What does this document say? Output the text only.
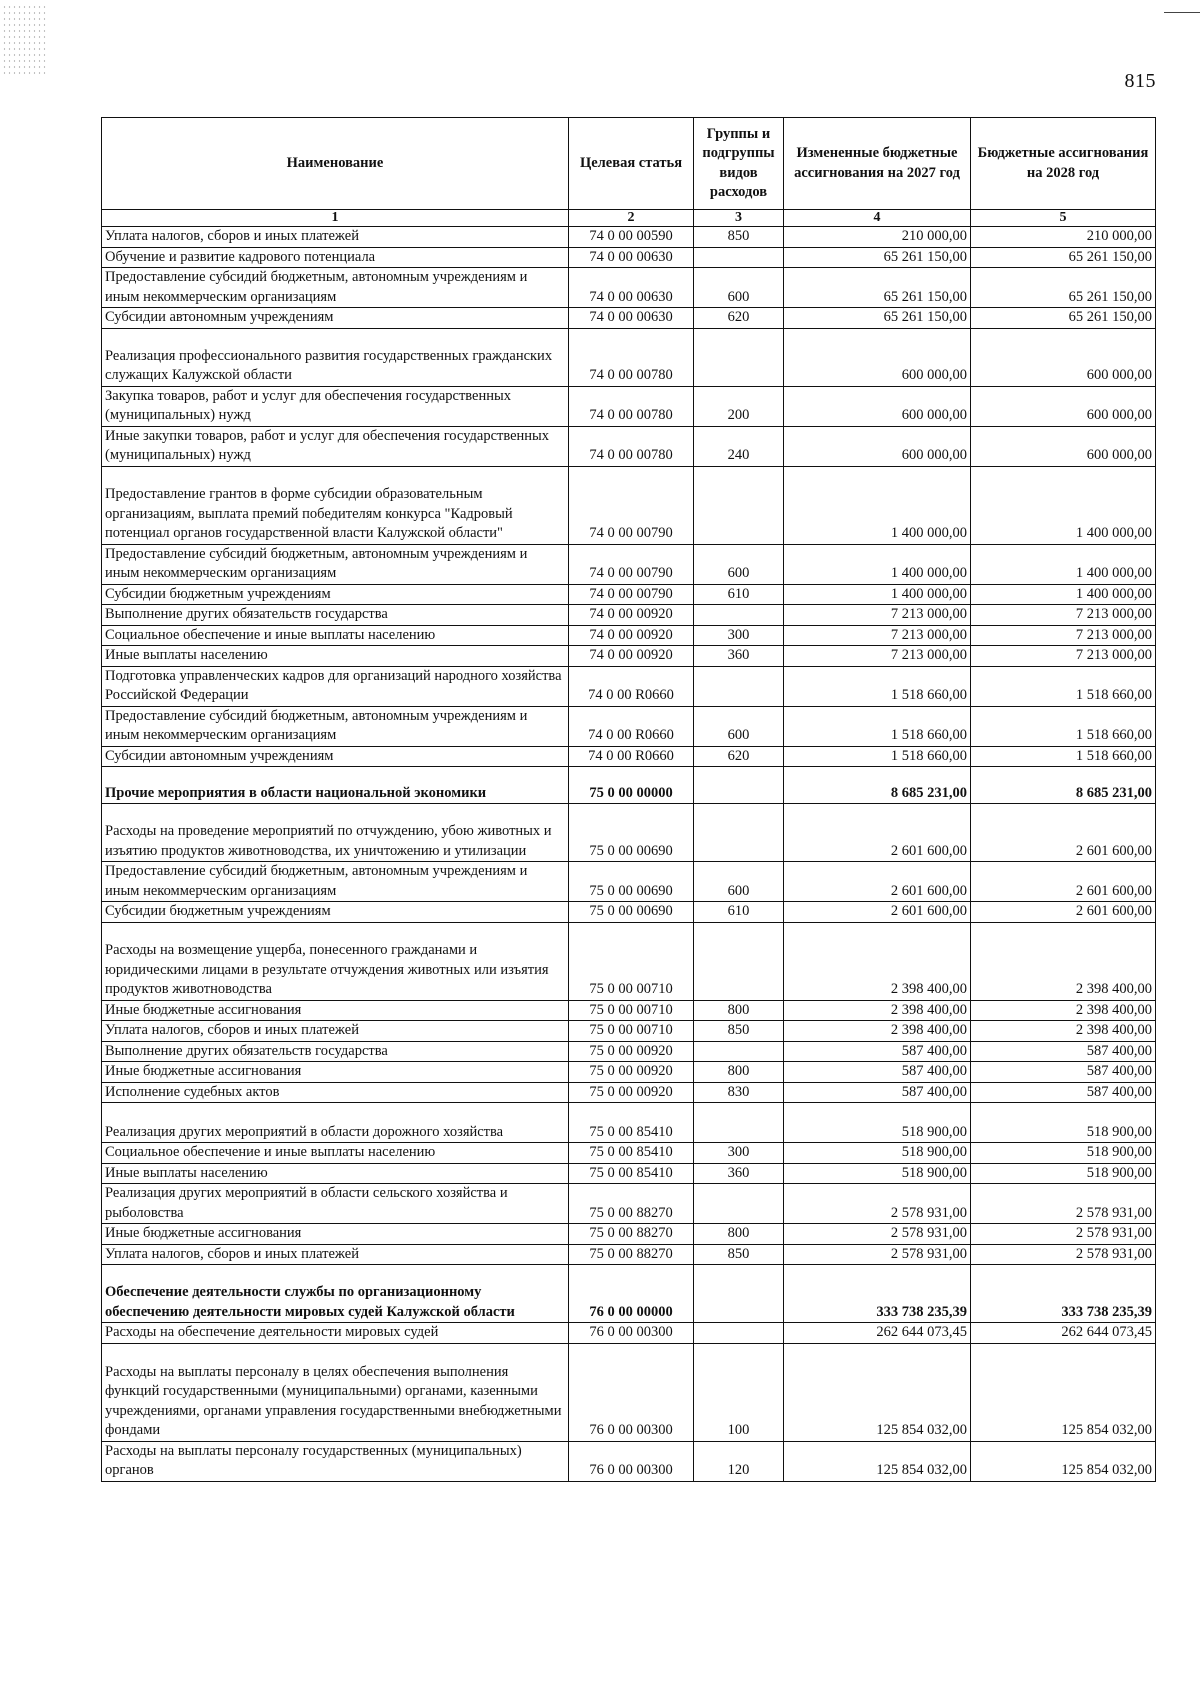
815
Наименование	Целевая статья	Группы и подгруппы видов расходов	Измененные бюджетные ассигнования на 2027 год	Бюджетные ассигнования на 2028 год
1	2	3	4	5
Уплата налогов, сборов и иных платежей	74 0 00 00590	850	210 000,00	210 000,00
Обучение и развитие кадрового потенциала	74 0 00 00630		65 261 150,00	65 261 150,00
Предоставление субсидий бюджетным, автономным учреждениям и иным некоммерческим организациям	74 0 00 00630	600	65 261 150,00	65 261 150,00
Субсидии автономным учреждениям	74 0 00 00630	620	65 261 150,00	65 261 150,00
Реализация профессионального развития государственных гражданских служащих Калужской области	74 0 00 00780		600 000,00	600 000,00
Закупка товаров, работ и услуг для обеспечения государственных (муниципальных) нужд	74 0 00 00780	200	600 000,00	600 000,00
Иные закупки товаров, работ и услуг для обеспечения государственных (муниципальных) нужд	74 0 00 00780	240	600 000,00	600 000,00
Предоставление грантов в форме субсидии образовательным организациям, выплата премий победителям конкурса "Кадровый потенциал органов государственной власти Калужской области"	74 0 00 00790		1 400 000,00	1 400 000,00
Предоставление субсидий бюджетным, автономным учреждениям и иным некоммерческим организациям	74 0 00 00790	600	1 400 000,00	1 400 000,00
Субсидии бюджетным учреждениям	74 0 00 00790	610	1 400 000,00	1 400 000,00
Выполнение других обязательств государства	74 0 00 00920		7 213 000,00	7 213 000,00
Социальное обеспечение и иные выплаты населению	74 0 00 00920	300	7 213 000,00	7 213 000,00
Иные выплаты населению	74 0 00 00920	360	7 213 000,00	7 213 000,00
Подготовка управленческих кадров для организаций народного хозяйства Российской Федерации	74 0 00 R0660		1 518 660,00	1 518 660,00
Предоставление субсидий бюджетным, автономным учреждениям и иным некоммерческим организациям	74 0 00 R0660	600	1 518 660,00	1 518 660,00
Субсидии автономным учреждениям	74 0 00 R0660	620	1 518 660,00	1 518 660,00
Прочие мероприятия в области национальной экономики	75 0 00 00000		8 685 231,00	8 685 231,00
Расходы на проведение мероприятий по отчуждению, убою животных и изъятию продуктов животноводства, их уничтожению и утилизации	75 0 00 00690		2 601 600,00	2 601 600,00
Предоставление субсидий бюджетным, автономным учреждениям и иным некоммерческим организациям	75 0 00 00690	600	2 601 600,00	2 601 600,00
Субсидии бюджетным учреждениям	75 0 00 00690	610	2 601 600,00	2 601 600,00
Расходы на возмещение ущерба, понесенного гражданами и юридическими лицами в результате отчуждения животных или изъятия продуктов животноводства	75 0 00 00710		2 398 400,00	2 398 400,00
Иные бюджетные ассигнования	75 0 00 00710	800	2 398 400,00	2 398 400,00
Уплата налогов, сборов и иных платежей	75 0 00 00710	850	2 398 400,00	2 398 400,00
Выполнение других обязательств государства	75 0 00 00920		587 400,00	587 400,00
Иные бюджетные ассигнования	75 0 00 00920	800	587 400,00	587 400,00
Исполнение судебных актов	75 0 00 00920	830	587 400,00	587 400,00
Реализация других мероприятий в области дорожного хозяйства	75 0 00 85410		518 900,00	518 900,00
Социальное обеспечение и иные выплаты населению	75 0 00 85410	300	518 900,00	518 900,00
Иные выплаты населению	75 0 00 85410	360	518 900,00	518 900,00
Реализация других мероприятий в области сельского хозяйства и рыболовства	75 0 00 88270		2 578 931,00	2 578 931,00
Иные бюджетные ассигнования	75 0 00 88270	800	2 578 931,00	2 578 931,00
Уплата налогов, сборов и иных платежей	75 0 00 88270	850	2 578 931,00	2 578 931,00
Обеспечение деятельности службы по организационному обеспечению деятельности мировых судей Калужской области	76 0 00 00000		333 738 235,39	333 738 235,39
Расходы на обеспечение деятельности мировых судей	76 0 00 00300		262 644 073,45	262 644 073,45
Расходы на выплаты персоналу в целях обеспечения выполнения функций государственными (муниципальными) органами, казенными учреждениями, органами управления государственными внебюджетными фондами	76 0 00 00300	100	125 854 032,00	125 854 032,00
Расходы на выплаты персоналу государственных (муниципальных) органов	76 0 00 00300	120	125 854 032,00	125 854 032,00
